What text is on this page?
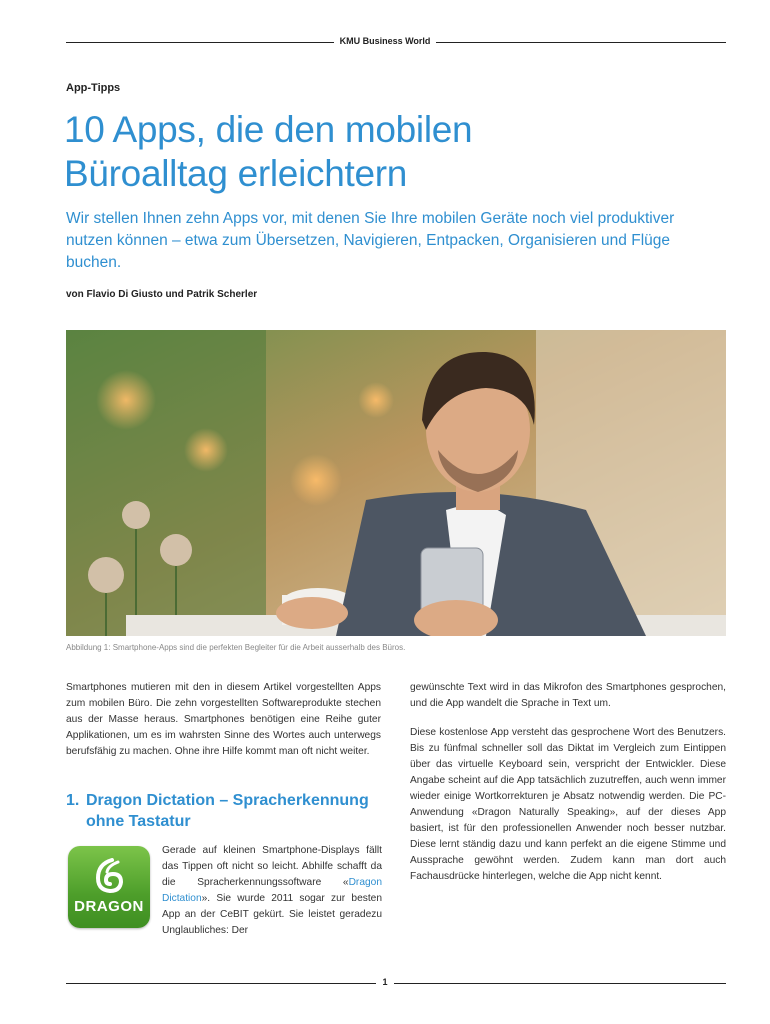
KMU Business World
App-Tipps
10 Apps, die den mobilen
Büroalltag erleichtern

Wir stellen Ihnen zehn Apps vor, mit denen Sie Ihre mobilen Geräte noch viel produktiver nutzen können – etwa zum Übersetzen, Navigieren, Entpacken, Organisieren und Flüge buchen.

von Flavio Di Giusto und Patrik Scherler
Abbildung 1: Smartphone-Apps sind die perfekten Begleiter für die Arbeit ausserhalb des Büros.

Smartphones mutieren mit den in diesem Artikel vorgestellten Apps zum mobilen Büro. Die zehn vorgestellten Softwareprodukte stechen aus der Masse heraus. Smartphones benötigen eine Reihe guter Applikationen, um es im wahrsten Sinne des Wortes auch unterwegs berufsfähig zu machen. Ohne ihre Hilfe kommt man oft nicht weiter.

1. Dragon Dictation – Spracherkennung
ohne Tastatur
DRAGON

Gerade auf kleinen Smartphone-Displays fällt das Tippen oft nicht so leicht. Abhilfe schafft da die Spracherkennungssoftware «Dragon Dictation». Sie wurde 2011 sogar zur besten App an der CeBIT gekürt. Sie leistet geradezu Unglaubliches: Der

gewünschte Text wird in das Mikrofon des Smartphones gesprochen, und die App wandelt die Sprache in Text um.

Diese kostenlose App versteht das gesprochene Wort des Benutzers. Bis zu fünfmal schneller soll das Diktat im Vergleich zum Eintippen über das virtuelle Keyboard sein, verspricht der Entwickler. Diese Angabe scheint auf die App tatsächlich zuzutreffen, auch wenn immer wieder einige Wortkorrekturen je Absatz notwendig werden. Die PC-Anwendung «Dragon Naturally Speaking», auf der dieses App basiert, ist für den professionellen Anwender noch besser nutzbar. Diese lernt ständig dazu und kann perfekt an die eigene Stimme und Aussprache gewöhnt werden. Zudem kann man dort auch Fachausdrücke hinterlegen, welche die App nicht kennt.

1
